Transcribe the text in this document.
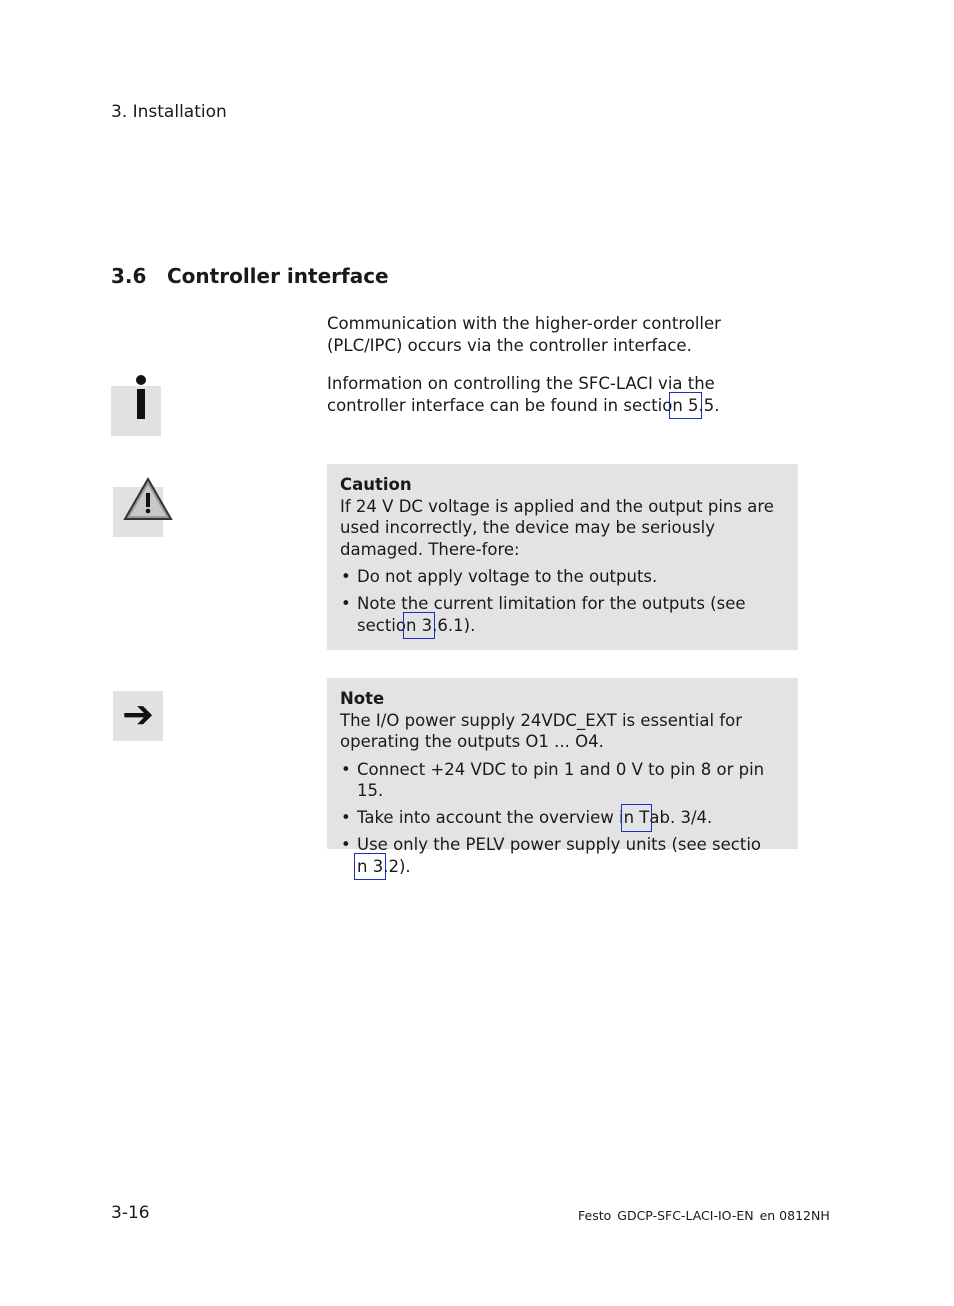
3. Installation
3.6 Controller interface
Communication with the higher-order controller (PLC/IPC) occurs via the controller interface.
Information on controlling the SFC-LACI via the controller interface can be found in section 5.5.
Caution
If 24 V DC voltage is applied and the output pins are used incorrectly, the device may be seriously damaged. There-fore:
• Do not apply voltage to the outputs.
• Note the current limitation for the outputs (see section 3.6.1).
➔	Note
The I/O power supply 24VDC_EXT is essential for operating the outputs O1 ... O4.
• Connect +24 VDC to pin 1 and 0 V to pin 8 or pin 15.
• Take into account the overview in Tab. 3/4.
• Use only the PELV power supply units (see section 3.2).
3-16	Festo GDCP-SFC-LACI-IO-EN en 0812NH
